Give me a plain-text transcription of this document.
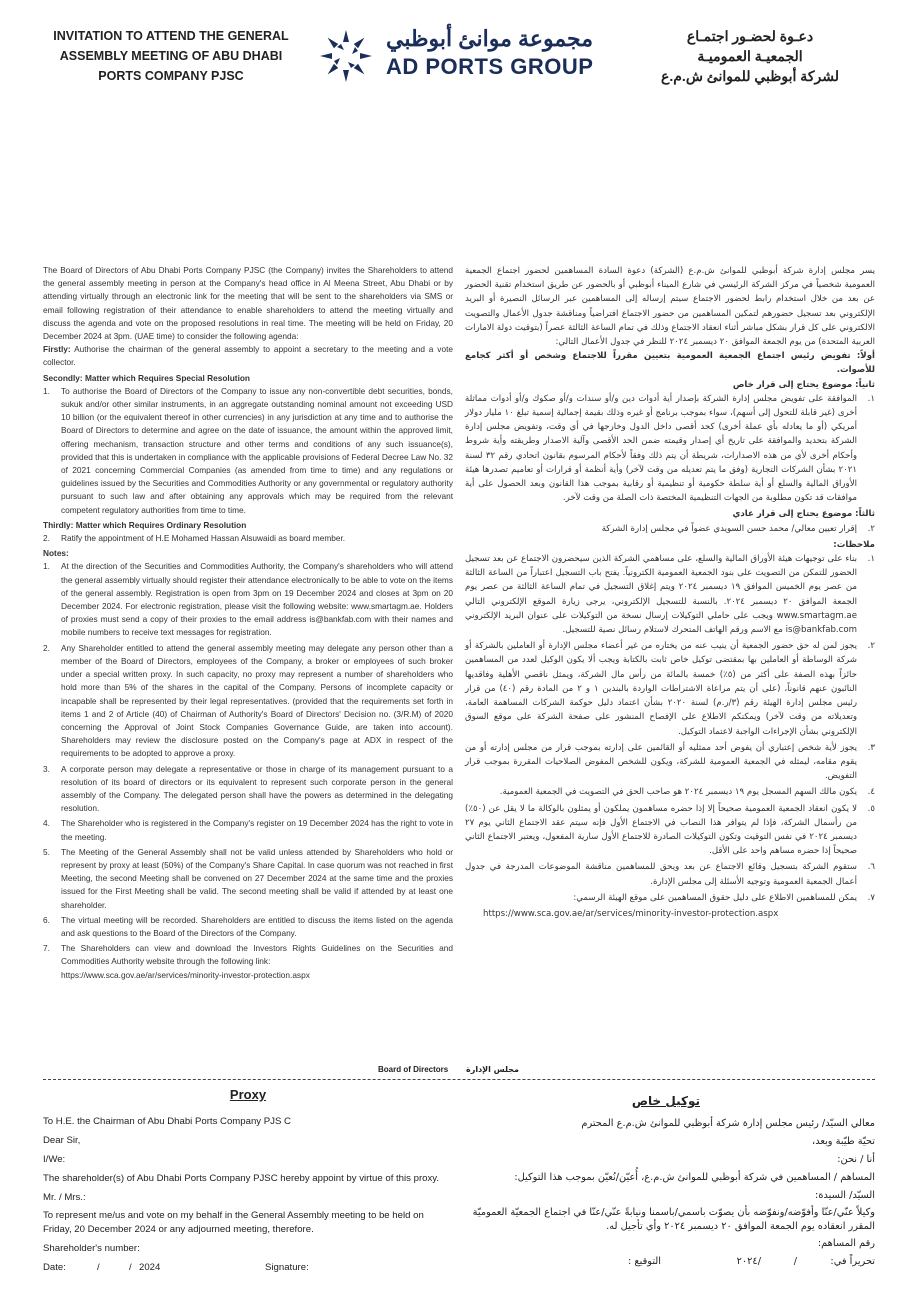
INVITATION TO ATTEND THE GENERAL ASSEMBLY MEETING OF ABU DHABI PORTS COMPANY PJSC
مجموعة موانئ أبوظبي
AD PORTS GROUP
دعـوة لحضـور اجتمـاع
الجمعيـة العموميـة
لشركة أبوظبي للموانئ ش.م.ع

The Board of Directors of Abu Dhabi Ports Company PJSC (the Company) invites the Shareholders to attend the general assembly meeting in person at the Company's head office in Al Meena Street, Abu Dhabi or by attending virtually through an electronic link for the meeting that will be sent to the shareholders via SMS or email following registration of their attendance to enable shareholders to attend the meeting virtually and discuss the agenda and vote on the proposed resolutions in real time. The meeting will be held on Friday, 20 December 2024 at 3pm. (UAE time) to consider the following agenda:

Firstly: Authorise the chairman of the general assembly to appoint a secretary to the meeting and a vote collector.

Secondly: Matter which Requires Special Resolution

1.	To authorise the Board of Directors of the Company to issue any non-convertible debt securities, bonds, sukuk and/or other similar instruments, in an aggregate outstanding nominal amount not exceeding USD 10 billion (or the equivalent thereof in other currencies) in any jurisdiction at any time and to authorise the Board of Directors to determine and agree on the date of issuance, the amount within the approved limit, offering mechanism, transaction structure and other terms and conditions of any such issuance(s), provided that this is undertaken in compliance with the applicable provisions of Federal Decree Law No. 32 of 2021 concerning Commercial Companies (as amended from time to time) and any regulations or guidelines issued by the Securities and Commodities Authority or any governmental or regulatory authority pursuant to such law and after obtaining any approvals which may be required from the relevant competent regulatory authorities from time to time.

Thirdly: Matter which Requires Ordinary Resolution

2.	Ratify the appointment of H.E Mohamed Hassan Alsuwaidi as board member.

Notes:

1.	At the direction of the Securities and Commodities Authority, the Company's shareholders who will attend the general assembly virtually should register their attendance electronically to be able to vote on the items of the general assembly. Registration is open from 3pm on 19 December 2024 and closes at 3pm on 20 December 2024. For electronic registration, please visit the following website: www.smartagm.ae. Holders of proxies must send a copy of their proxies to the email address is@bankfab.com with their names and mobile numbers to receive text messages for registration.
2.	Any Shareholder entitled to attend the general assembly meeting may delegate any person other than a member of the Board of Directors, employees of the Company, a broker or employees of such broker under a special written proxy. In such capacity, no proxy may represent a number of shareholders who hold more than 5% of the shares in the capital of the Company. Persons of incomplete capacity or incapable shall be represented by their legal representatives. (provided that the requirements set forth in items 1 and 2 of Article (40) of Chairman of Authority's Board of Directors' Decision no. (3/R.M) of 2020 concerning the Approval of Joint Stock Companies Governance Guide, are taken into account). Shareholders may review the disclosure posted on the Company's page at ADX in respect of the requirements to be adopted to approve a proxy.
3.	A corporate person may delegate a representative or those in charge of its management pursuant to a resolution of its board of directors or its equivalent to represent such corporate person in the general assembly of the Company. The delegated person shall have the powers as determined in the delegating resolution.
4.	The Shareholder who is registered in the Company's register on 19 December 2024 has the right to vote in the meeting.
5.	The Meeting of the General Assembly shall not be valid unless attended by Shareholders who hold or represent by proxy at least (50%) of the Company's Share Capital. In case quorum was not reached in first Meeting, the second Meeting shall be convened on 27 December 2024 at the same time and the proxies issued for the First Meeting shall be valid. The second meeting shall be valid if attended by at least one shareholder.
6.	The virtual meeting will be recorded. Shareholders are entitled to discuss the items listed on the agenda and ask questions to the Board of the Directors of the Company.
7.	The Shareholders can view and download the Investors Rights Guidelines on the Securities and Commodities Authority website through the following link:
https://www.sca.gov.ae/ar/services/minority-investor-protection.aspx

يسر مجلس إدارة شركة أبوظبي للموانئ ش.م.ع (الشركة) دعوة السادة المساهمين لحضور اجتماع الجمعية العمومية شخصياً في مركز الشركة الرئيسي في شارع الميناء أبوظبي أو بالحضور عن طريق استخدام تقنية الحضور عن بعد من خلال استخدام رابط لحضور الاجتماع سيتم إرساله إلى المساهمين عبر الرسائل النصيرة أو البريد الإلكتروني بعد تسجيل حضورهم لتمكين المساهمين من حضور الاجتماع افتراضياً ومناقشة جدول الأعمال والتصويت الالكتروني على كل قرار بشكل مباشر أثناء انعقاد الاجتماع وذلك في تمام الساعة الثالثة عصراً (بتوقيت دولة الامارات العربية المتحدة) من يوم الجمعة الموافق ٢٠ ديسمبر ٢٠٢٤ للنظر في جدول الأعمال التالي:

أولاً: تفويض رئيس اجتماع الجمعية العمومية بتعيين مقرراً للاجتماع وشخص أو أكثر كجامع للأصوات.

ثانياً: موضوع يحتاج إلى قرار خاص

١.
الموافقة على تفويض مجلس إدارة الشركة بإصدار أية أدوات دين و/أو سندات و/أو صكوك و/أو أدوات مماثلة أخرى (غير قابلة للتحول إلى أسهم)، سواء بموجب برنامج أو غيره وذلك بقيمة إجمالية إسمية تبلغ ١٠ مليار دولار أمريكي (أو ما يعادله بأي عملة أخرى) كحد أقصى داخل الدول وخارجها في أي وقت، وتفويض مجلس إدارة الشركة بتحديد والموافقة على تاريخ أي إصدار وقيمته ضمن الحد الأقصى وآلية الاصدار وطريقته وأية شروط وأحكام أخرى لأي من هذه الاصدارات، شريطة أن يتم ذلك وفقاً لأحكام المرسوم بقانون اتحادي رقم ٣٢ لسنة ٢٠٢١ بشأن الشركات التجارية (وفق ما يتم تعديله من وقت لآخر) وأية أنظمة أو قرارات أو تعاميم تصدرها هيئة الأوراق المالية والسلع أو أية سلطة حكومية أو تنظيمية أو رقابية بموجب هذا القانون وبعد الحصول على أية موافقات قد تكون مطلوبة من الجهات التنظيمية المختصة ذات الصلة من وقت لآخر.

ثالثاً: موضوع يحتاج إلى قرار عادي

٢.
إقرار تعيين معالي/ محمد حسن السويدي عضواً في مجلس إدارة الشركة

ملاحظات:

١.
بناء على توجيهات هيئة الأوراق المالية والسلع، على مساهمي الشركة الذين سيحضرون الاجتماع عن بعد تسجيل الحضور للتمكن من التصويت على بنود الجمعية العمومية الكترونياً. يفتح باب التسجيل اعتباراً من الساعة الثالثة من عصر يوم الخميس الموافق ١٩ ديسمبر ٢٠٢٤ ويتم إغلاق التسجيل في تمام الساعة الثالثة من عصر يوم الجمعة الموافق ٢٠ ديسمبر ٢٠٢٤. بالنسبة للتسجيل الإلكتروني، يرجى زيارة الموقع الإلكتروني التالي www.smartagm.ae ويجب على حاملي التوكيلات إرسال نسخة من التوكيلات على عنوان البريد الإلكتروني is@bankfab.com مع الاسم ورقم الهاتف المتحرك لاستلام رسائل نصية للتسجيل.
٢.
يجوز لمن له حق حضور الجمعية أن ينيب عنه من يختاره من غير أعضاء مجلس الإدارة أو العاملين بالشركة أو شركة الوساطة أو العاملين بها بمقتضى توكيل خاص ثابت بالكتابة ويجب ألا يكون الوكيل لعدد من المساهمين حائزاً بهذه الصفة على أكثر من (٥٪) خمسة بالمائة من رأس مال الشركة، ويمثل ناقصي الأهلية وفاقديها النائبون عنهم قانوناً، (على أن يتم مراعاة الاشتراطات الواردة بالبندين ١ و ٢ من المادة رقم (٤٠) من قرار رئيس مجلس إدارة الهيئة رقم (٣/ر.م) لسنة ٢٠٢٠ بشأن اعتماد دليل حوكمة الشركات المساهمة العامة، وتعديلاته من وقت لآخر) ويمكنكم الاطلاع على الإفصاح المنشور على صفحة الشركة على موقع السوق الإلكتروني بشأن الإجراءات الواجبة لاعتماد التوكيل.
٣.
يجوز لأية شخص إعتباري أن يفوض أحد ممثليه أو القائمين على إدارته بموجب قرار من مجلس إدارته أو من يقوم مقامه، ليمثله في الجمعية العمومية للشركة، ويكون للشخص المفوض الصلاحيات المقررة بموجب قرار التفويض.
٤.
يكون مالك السهم المسجل يوم ١٩ ديسمبر ٢٠٢٤ هو صاحب الحق في التصويت في الجمعية العمومية.
٥.
لا يكون انعقاد الجمعية العمومية صحيحاً إلا إذا حضره مساهمون يملكون أو يمثلون بالوكالة ما لا يقل عن (٥٠٪) من رأسمال الشركة، فإذا لم يتوافر هذا النصاب في الاجتماع الأول فإنه سيتم عقد الاجتماع الثاني يوم ٢٧ ديسمبر ٢٠٢٤ في نفس التوقيت وتكون التوكيلات الصادرة للاجتماع الأول سارية المفعول، ويعتبر الاجتماع الثاني صحيحاً إذا حضره مساهم واحد على الأقل.
٦.
ستقوم الشركة بتسجيل وقائع الاجتماع عن بعد ويحق للمساهمين مناقشة الموضوعات المدرجة في جدول أعمال الجمعية العمومية وتوجيه الأسئلة إلى مجلس الإدارة.
٧.
يمكن للمساهمين الاطلاع على دليل حقوق المساهمين على موقع الهيئة الرسمي:
https://www.sca.gov.ae/ar/services/minority-investor-protection.aspx
Board of Directors مجلس الإدارة
Proxy
To H.E. the Chairman of Abu Dhabi Ports Company PJS C
Dear Sir,
I/We:
The shareholder(s) of Abu Dhabi Ports Company PJSC hereby appoint by virtue of this proxy.
Mr. / Mrs.:
To represent me/us and vote on my behalf in the General Assembly meeting to be held on Friday, 20 December 2024 or any adjourned meeting, therefore.
Shareholder's number:
Date:	/	/ 2024	Signature:
توكيل خاص
معالي السيّد/ رئيس مجلس إدارة شركة أبوظبي للموانئ ش.م.ع المحترم
تحيّة طيّبة وبعد،
أنا / نحن:
المساهم / المساهمين في شركة أبوظبي للموانئ ش.م.ع، أُعيّن/نُعيّن بموجب هذا التوكيل:
السيّد/ السيدة:
وكيلاً عنّي/عنّا وأفوّضه/ونفوّضه بأن يصوّت باسمي/باسمنا ونيابةً عنّي/عنّا في اجتماع الجمعيّة العموميّة المقرر انعقاده يوم الجمعة الموافق ٢٠ ديسمبر ٢٠٢٤ وأي تأجيل له.
رقم المساهم:
تحريراً في:
/
/٢٠٢٤
التوقيع :
